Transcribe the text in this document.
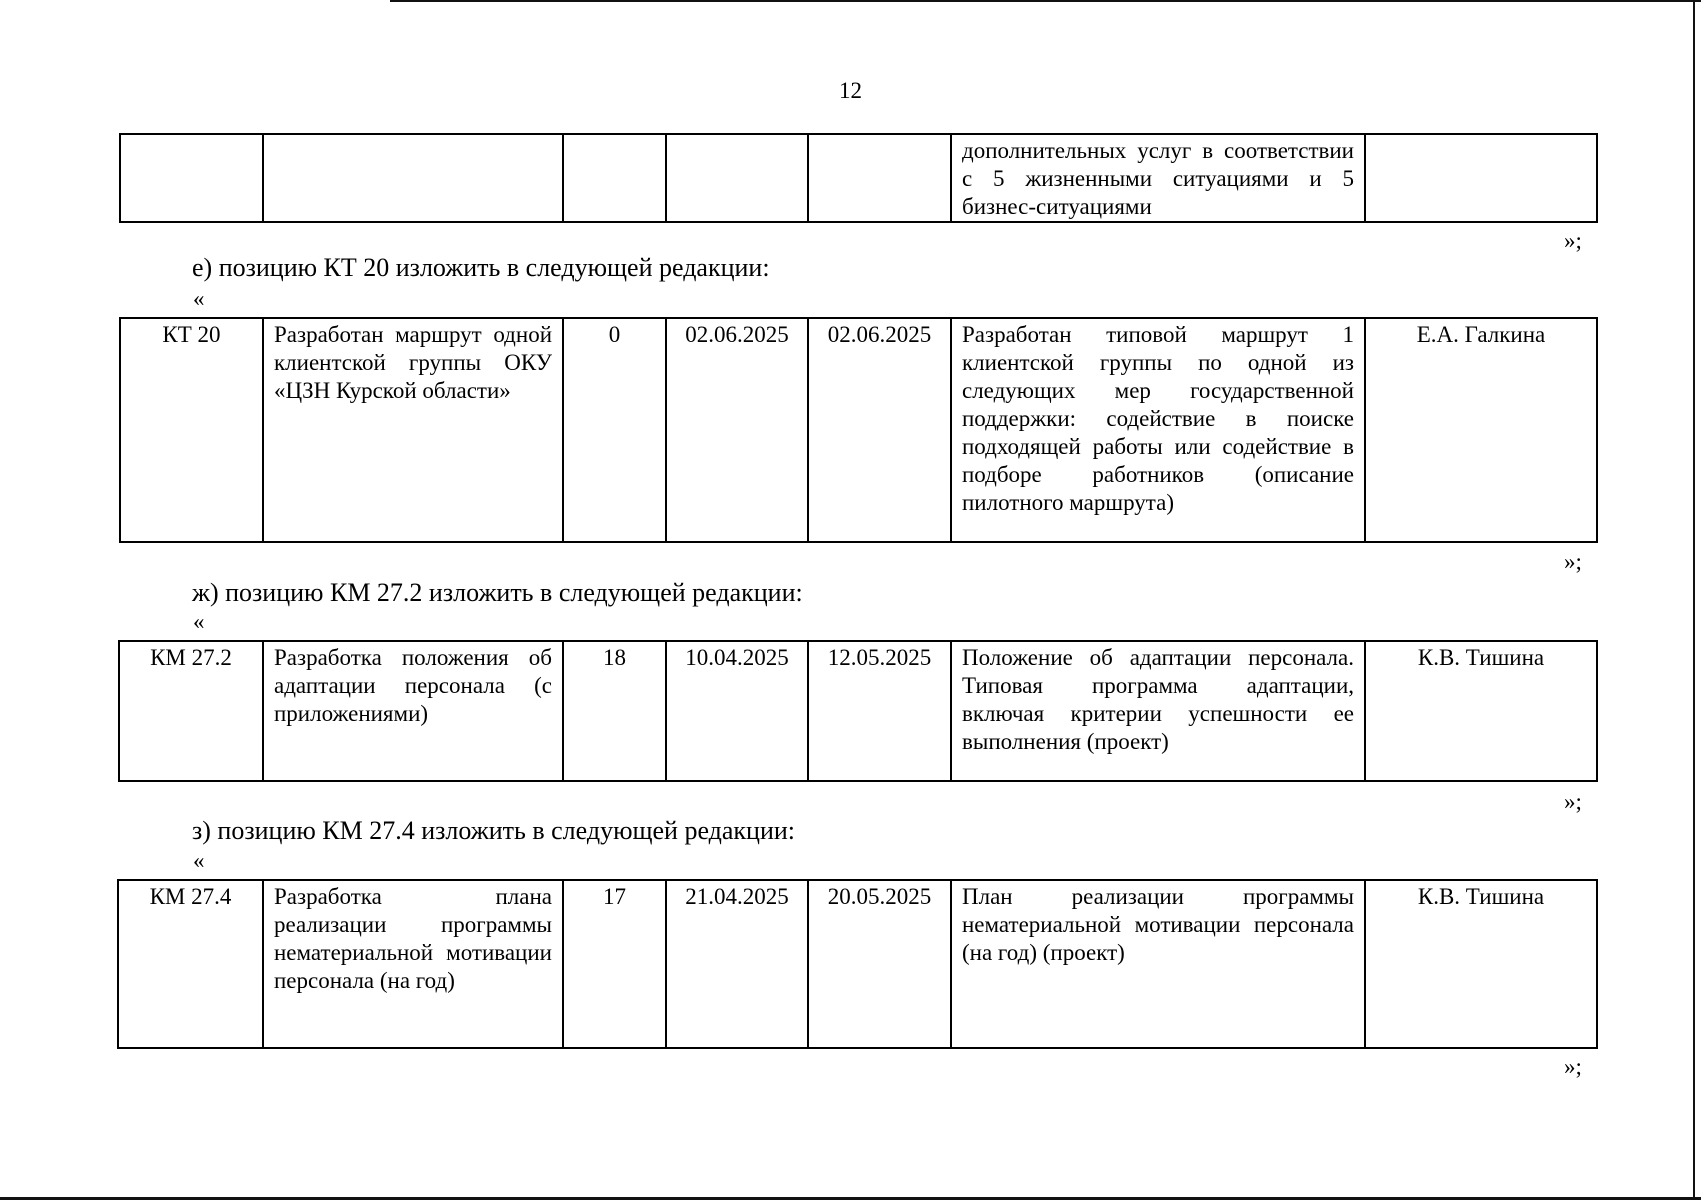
12
					дополнительных услуг в соответствии с 5 жизненными ситуациями и 5 бизнес-ситуациями	
»;
е) позицию КТ 20 изложить в следующей редакции:
«
КТ 20	Разработан маршрут одной клиентской группы ОКУ «ЦЗН Курской области»	0	02.06.2025	02.06.2025	Разработан типовой маршрут 1 клиентской группы по одной из следующих мер государственной поддержки: содействие в поиске подходящей работы или содействие в подборе работников (описание пилотного маршрута)	Е.А. Галкина
»;
ж) позицию КМ 27.2 изложить в следующей редакции:
«
КМ 27.2	Разработка положения об адаптации персонала (с приложениями)	18	10.04.2025	12.05.2025	Положение об адаптации персонала. Типовая программа адаптации, включая критерии успешности ее выполнения (проект)	К.В. Тишина
»;
з) позицию КМ 27.4 изложить в следующей редакции:
«
КМ 27.4	Разработка плана реализации программы нематериальной мотивации персонала (на год)	17	21.04.2025	20.05.2025	План реализации программы нематериальной мотивации персонала (на год) (проект)	К.В. Тишина
»;
